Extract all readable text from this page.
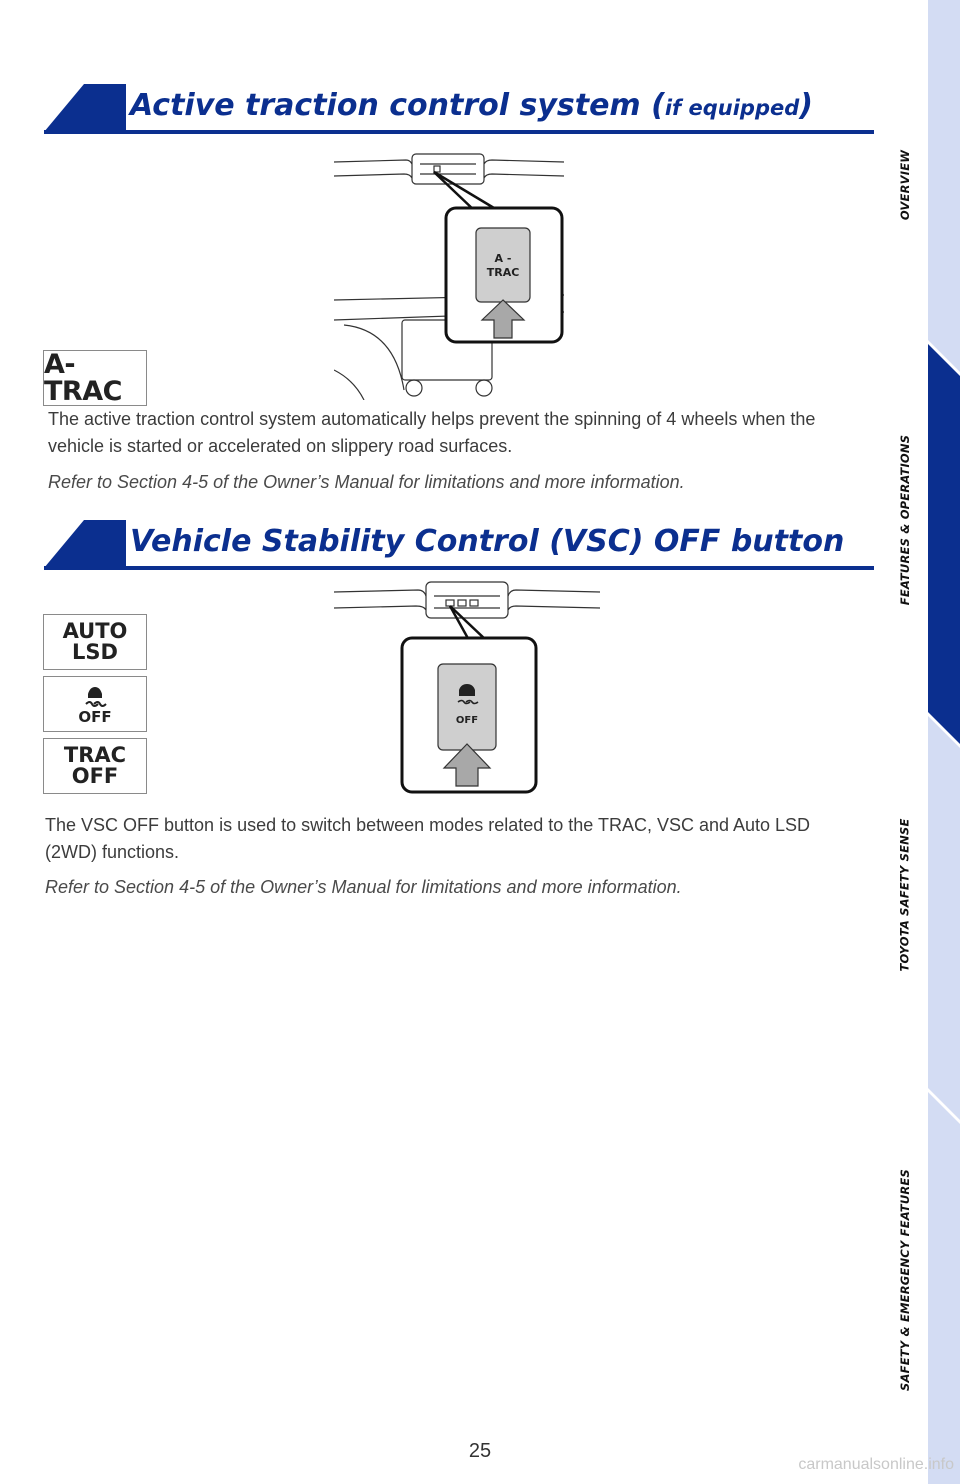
Active traction control system (if equipped)
A -
TRAC
A-TRAC
The active traction control system automatically helps prevent the spinning of 4 wheels when the vehicle is started or accelerated on slippery road surfaces.
Refer to Section 4-5 of the Owner’s Manual for limitations and more information.
Vehicle Stability Control (VSC) OFF button
OFF
AUTO
LSD
OFF
TRAC
OFF
The VSC OFF button is used to switch between modes related to the TRAC, VSC and Auto LSD (2WD) functions.
Refer to Section 4-5 of the Owner’s Manual for limitations and more information.
OVERVIEW
FEATURES & OPERATIONS
TOYOTA SAFETY SENSE
SAFETY & EMERGENCY FEATURES
25
carmanualsonline.info
